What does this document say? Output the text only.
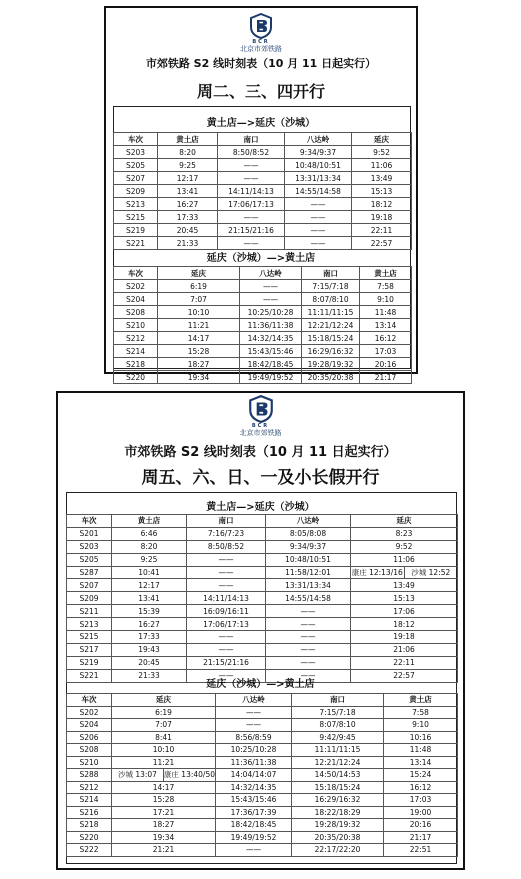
BCR
北京市郊铁路
市郊铁路 S2 线时刻表（10 月 11 日起实行）
周二、三、四开行
黄土店—>延庆（沙城）
车次	黄土店	南口	八达岭	延庆
S203	8:20	8:50/8:52	9:34/9:37	9:52
S205	9:25	——	10:48/10:51	11:06
S207	12:17	——	13:31/13:34	13:49
S209	13:41	14:11/14:13	14:55/14:58	15:13
S213	16:27	17:06/17:13	——	18:12
S215	17:33	——	——	19:18
S219	20:45	21:15/21:16	——	22:11
S221	21:33	——	——	22:57
延庆（沙城）—>黄土店
车次	延庆	八达岭	南口	黄土店
S202	6:19	——	7:15/7:18	7:58
S204	7:07	——	8:07/8:10	9:10
S208	10:10	10:25/10:28	11:11/11:15	11:48
S210	11:21	11:36/11:38	12:21/12:24	13:14
S212	14:17	14:32/14:35	15:18/15:24	16:12
S214	15:28	15:43/15:46	16:29/16:32	17:03
S218	18:27	18:42/18:45	19:28/19:32	20:16
S220	19:34	19:49/19:52	20:35/20:38	21:17
BCR
北京市郊铁路
市郊铁路 S2 线时刻表（10 月 11 日起实行）
周五、六、日、一及小长假开行
黄土店—>延庆（沙城）
车次	黄土店	南口	八达岭	延庆
S201	6:46	7:16/7:23	8:05/8:08	8:23
S203	8:20	8:50/8:52	9:34/9:37	9:52
S205	9:25	——	10:48/10:51	11:06
S287	10:41	——	11:58/12:01	康庄 12:13/16 沙城 12:52

S207	12:17	——	13:31/13:34	13:49
S209	13:41	14:11/14:13	14:55/14:58	15:13
S211	15:39	16:09/16:11	——	17:06
S213	16:27	17:06/17:13	——	18:12
S215	17:33	——	——	19:18
S217	19:43	——	——	21:06
S219	20:45	21:15/21:16	——	22:11
S221	21:33	——	——	22:57
延庆（沙城）—>黄土店
车次	延庆	八达岭	南口	黄土店
S202	6:19	——	7:15/7:18	7:58
S204	7:07	——	8:07/8:10	9:10
S206	8:41	8:56/8:59	9:42/9:45	10:16
S208	10:10	10:25/10:28	11:11/11:15	11:48
S210	11:21	11:36/11:38	12:21/12:24	13:14
S288	沙城 13:07 康庄 13:40/50	14:04/14:07	14:50/14:53	15:24
S212	14:17	14:32/14:35	15:18/15:24	16:12
S214	15:28	15:43/15:46	16:29/16:32	17:03
S216	17:21	17:36/17:39	18:22/18:29	19:00
S218	18:27	18:42/18:45	19:28/19:32	20:16
S220	19:34	19:49/19:52	20:35/20:38	21:17
S222	21:21	——	22:17/22:20	22:51
